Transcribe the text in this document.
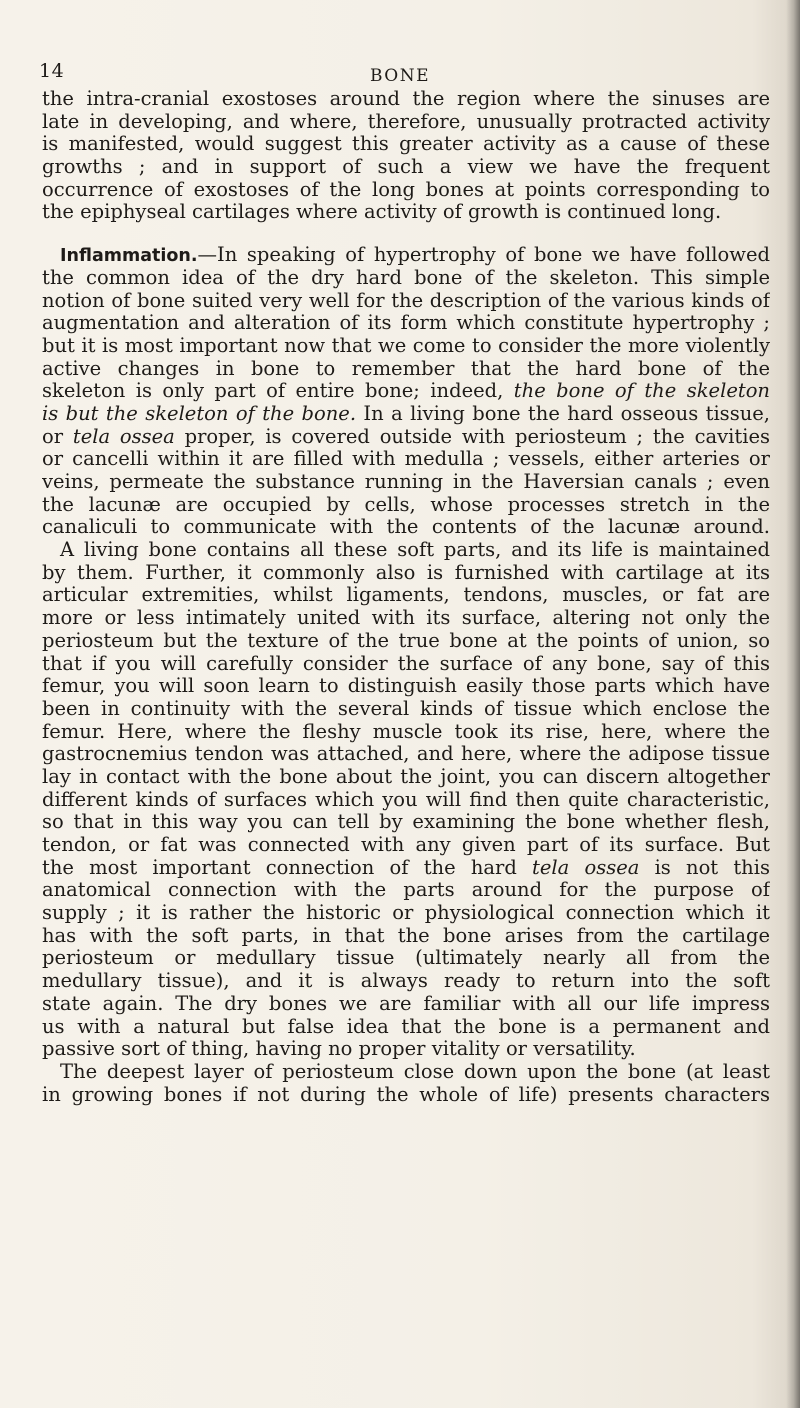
14	BONE
the intra-cranial exostoses around the region where the sinuses are
late in developing, and where, therefore, unusually protracted activity
is manifested, would suggest this greater activity as a cause of these
growths ; and in support of such a view we have the frequent
occurrence of exostoses of the long bones at points corresponding to
the epiphyseal cartilages where activity of growth is continued long.
Inflammation.—In speaking of hypertrophy of bone we have followed
the common idea of the dry hard bone of the skeleton. This simple
notion of bone suited very well for the description of the various kinds of
augmentation and alteration of its form which constitute hypertrophy ;
but it is most important now that we come to consider the more violently
active changes in bone to remember that the hard bone of the
skeleton is only part of entire bone; indeed, the bone of the skeleton
is but the skeleton of the bone. In a living bone the hard osseous tissue,
or tela ossea proper, is covered outside with periosteum ; the cavities
or cancelli within it are filled with medulla ; vessels, either arteries or
veins, permeate the substance running in the Haversian canals ; even
the lacunæ are occupied by cells, whose processes stretch in the
canaliculi to communicate with the contents of the lacunæ around.
A living bone contains all these soft parts, and its life is maintained
by them. Further, it commonly also is furnished with cartilage at its
articular extremities, whilst ligaments, tendons, muscles, or fat are
more or less intimately united with its surface, altering not only the
periosteum but the texture of the true bone at the points of union, so
that if you will carefully consider the surface of any bone, say of this
femur, you will soon learn to distinguish easily those parts which have
been in continuity with the several kinds of tissue which enclose the
femur. Here, where the fleshy muscle took its rise, here, where the
gastrocnemius tendon was attached, and here, where the adipose tissue
lay in contact with the bone about the joint, you can discern altogether
different kinds of surfaces which you will find then quite characteristic,
so that in this way you can tell by examining the bone whether flesh,
tendon, or fat was connected with any given part of its surface. But
the most important connection of the hard tela ossea is not this
anatomical connection with the parts around for the purpose of
supply ; it is rather the historic or physiological connection which it
has with the soft parts, in that the bone arises from the cartilage
periosteum or medullary tissue (ultimately nearly all from the
medullary tissue), and it is always ready to return into the soft
state again. The dry bones we are familiar with all our life impress
us with a natural but false idea that the bone is a permanent and
passive sort of thing, having no proper vitality or versatility.
The deepest layer of periosteum close down upon the bone (at least
in growing bones if not during the whole of life) presents characters
